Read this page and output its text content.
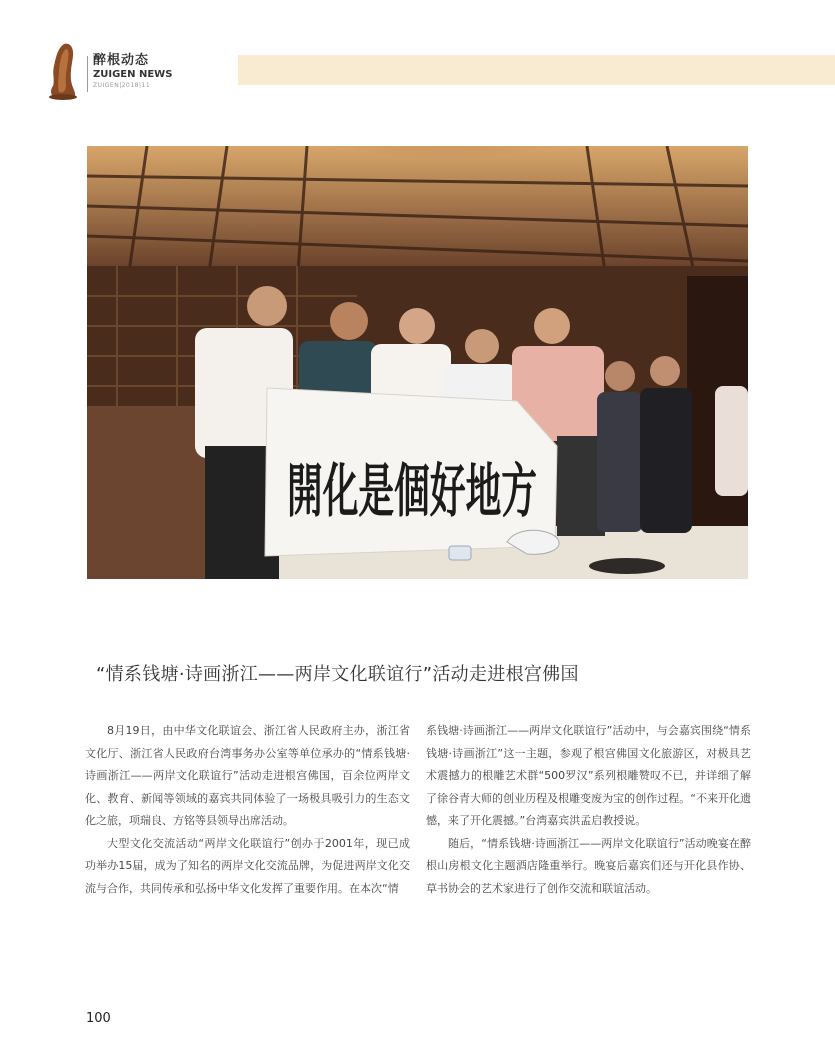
醉根动态
ZUIGEN NEWS
ZUIGEN|2018|11
開化是個好地方
“情系钱塘·诗画浙江——两岸文化联谊行”活动走进根宫佛国

8月19日，由中华文化联谊会、浙江省人民政府主办，浙江省文化厅、浙江省人民政府台湾事务办公室等单位承办的“情系钱塘·诗画浙江——两岸文化联谊行”活动走进根宫佛国，百余位两岸文化、教育、新闻等领域的嘉宾共同体验了一场极具吸引力的生态文化之旅，项瑞良、方铭等县领导出席活动。

大型文化交流活动“两岸文化联谊行”创办于2001年，现已成功举办15届，成为了知名的两岸文化交流品牌，为促进两岸文化交流与合作，共同传承和弘扬中华文化发挥了重要作用。在本次“情

系钱塘·诗画浙江——两岸文化联谊行”活动中，与会嘉宾围绕“情系钱塘·诗画浙江”这一主题，参观了根宫佛国文化旅游区，对极具艺术震撼力的根雕艺术群“500罗汉”系列根雕赞叹不已，并详细了解了徐谷青大师的创业历程及根雕变废为宝的创作过程。“不来开化遗憾，来了开化震撼。”台湾嘉宾洪孟启教授说。

随后，“情系钱塘·诗画浙江——两岸文化联谊行”活动晚宴在醉根山房根文化主题酒店隆重举行。晚宴后嘉宾们还与开化县作协、草书协会的艺术家进行了创作交流和联谊活动。

100
